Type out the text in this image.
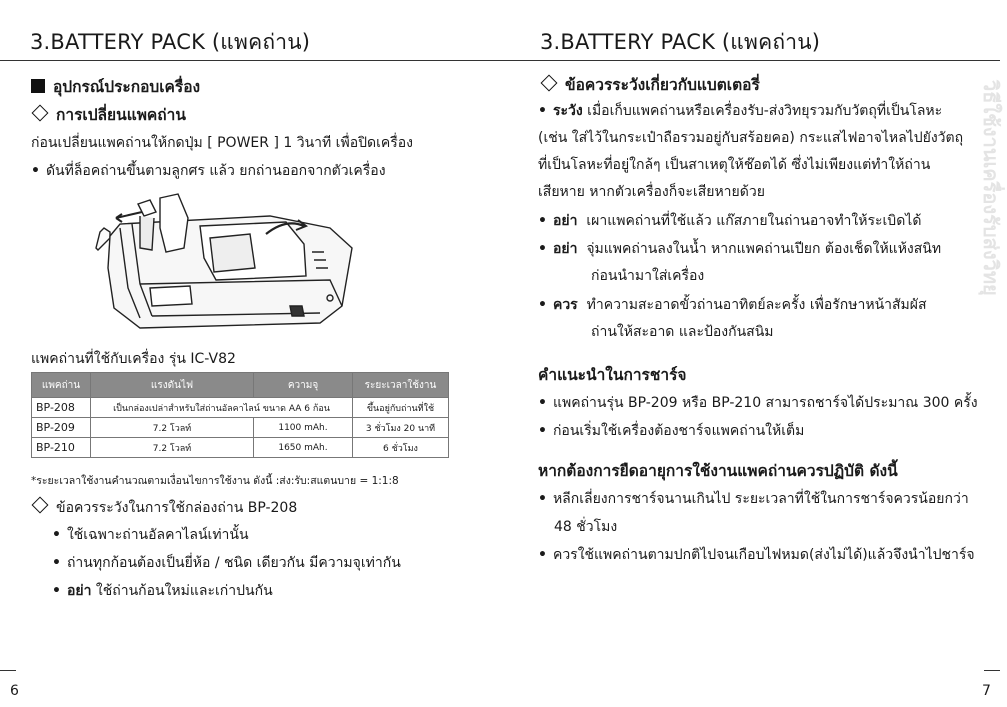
3.BATTERY PACK (แพคถ่าน)
อุปกรณ์ประกอบเครื่อง
การเปลี่ยนแพคถ่าน
ก่อนเปลี่ยนแพคถ่านให้กดปุ่ม [ POWER ] 1 วินาที เพื่อปิดเครื่อง
• ดันที่ล็อคถ่านขึ้นตามลูกศร แล้ว ยกถ่านออกจากตัวเครื่อง
แพคถ่านที่ใช้กับเครื่อง รุ่น IC-V82
แพคถ่าน	แรงดันไฟ	ความจุ	ระยะเวลาใช้งาน
BP-208	เป็นกล่องเปล่าสำหรับใส่ถ่านอัลคาไลน์ ขนาด AA 6 ก้อน		ขึ้นอยู่กับถ่านที่ใช้
BP-209	7.2 โวลท์	1100 mAh.	3 ชั่วโมง 20 นาที
BP-210	7.2 โวลท์	1650 mAh.	6 ชั่วโมง
*ระยะเวลาใช้งานคำนวณตามเงื่อนไขการใช้งาน ดังนี้ :ส่ง:รับ:สแตนบาย = 1:1:8
ข้อควรระวังในการใช้กล่องถ่าน BP-208
• ใช้เฉพาะถ่านอัลคาไลน์เท่านั้น
• ถ่านทุกก้อนต้องเป็นยี่ห้อ / ชนิด เดียวกัน มีความจุเท่ากัน
• อย่า ใช้ถ่านก้อนใหม่และเก่าปนกัน
6
3.BATTERY PACK (แพคถ่าน)
ข้อควรระวังเกี่ยวกับแบตเตอรี่
• ระวัง เมื่อเก็บแพคถ่านหรือเครื่องรับ-ส่งวิทยุรวมกับวัตถุที่เป็นโลหะ
(เช่น ใส่ไว้ในกระเป๋าถือรวมอยู่กับสร้อยคอ) กระแสไฟอาจไหลไปยังวัตถุ
ที่เป็นโลหะที่อยู่ใกล้ๆ เป็นสาเหตุให้ช๊อตได้ ซึ่งไม่เพียงแต่ทำให้ถ่าน
เสียหาย หากตัวเครื่องก็จะเสียหายด้วย
• อย่า เผาแพคถ่านที่ใช้แล้ว แก๊สภายในถ่านอาจทำให้ระเบิดได้
• อย่า จุ่มแพคถ่านลงในน้ำ หากแพคถ่านเปียก ต้องเช็ดให้แห้งสนิท
ก่อนนำมาใส่เครื่อง
• ควร ทำความสะอาดขั้วถ่านอาทิตย์ละครั้ง เพื่อรักษาหน้าสัมผัส
ถ่านให้สะอาด และป้องกันสนิม
คำแนะนำในการชาร์จ
• แพคถ่านรุ่น BP-209 หรือ BP-210 สามารถชาร์จได้ประมาณ 300 ครั้ง
• ก่อนเริ่มใช้เครื่องต้องชาร์จแพคถ่านให้เต็ม
หากต้องการยืดอายุการใช้งานแพคถ่านควรปฏิบัติ ดังนี้
• หลีกเลี่ยงการชาร์จนานเกินไป ระยะเวลาที่ใช้ในการชาร์จควรน้อยกว่า
48 ชั่วโมง
• ควรใช้แพคถ่านตามปกติไปจนเกือบไฟหมด(ส่งไม่ได้)แล้วจึงนำไปชาร์จ
7
วิธีใช้งานเครื่องรับส่งวิทยุ
